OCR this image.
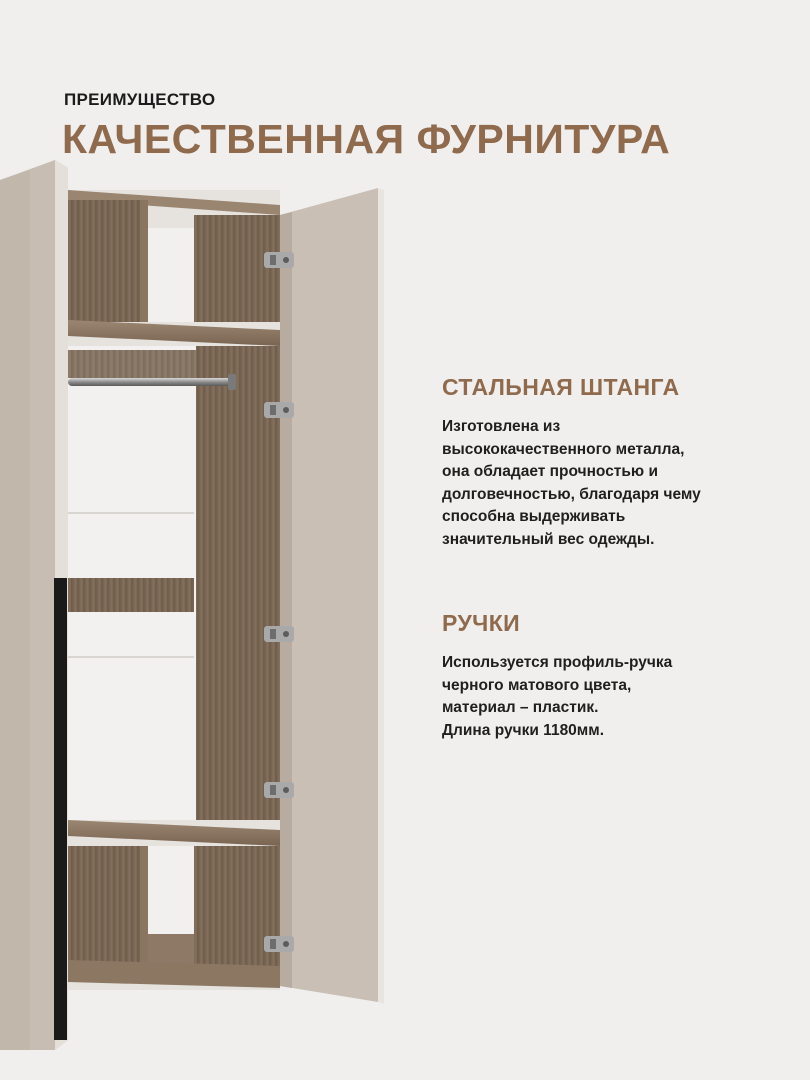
ПРЕИМУЩЕСТВО
КАЧЕСТВЕННАЯ ФУРНИТУРА
СТАЛЬНАЯ ШТАНГА
Изготовлена из
высококачественного металла,
она обладает прочностью и
долговечностью, благодаря чему
способна выдерживать
значительный вес одежды.
РУЧКИ
Используется профиль-ручка
черного матового цвета,
материал – пластик.
Длина ручки 1180мм.
